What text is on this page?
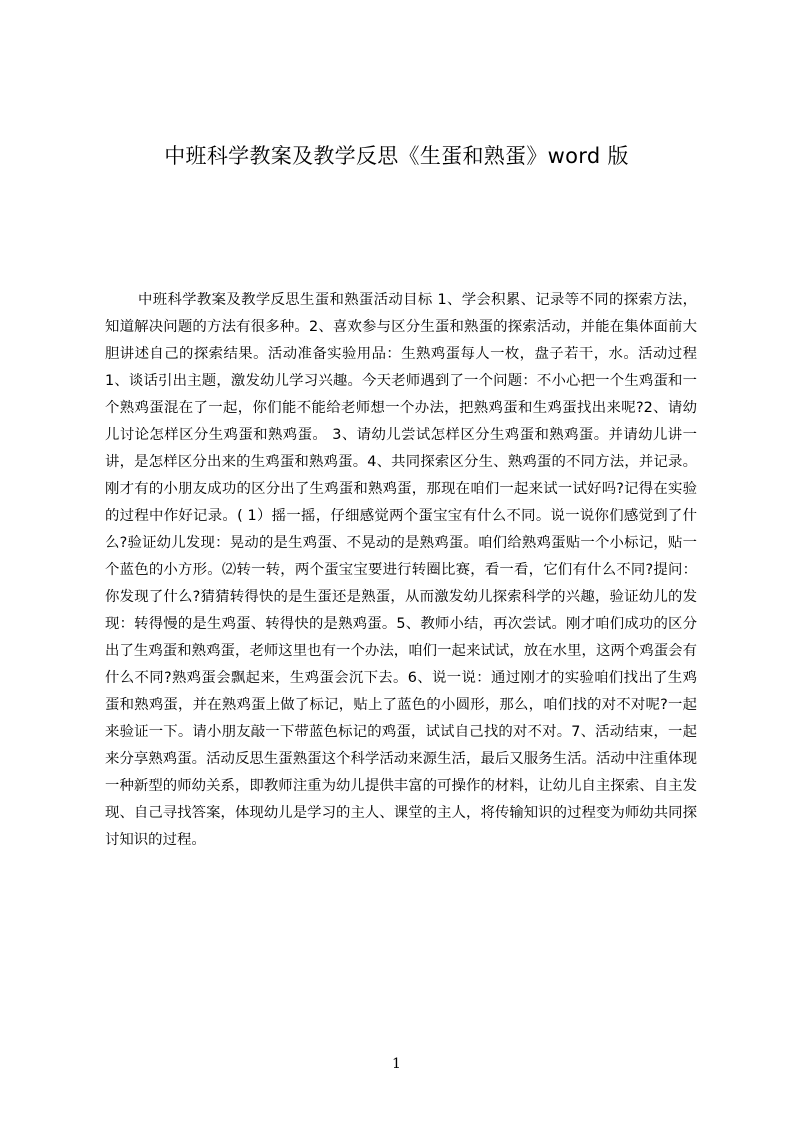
中班科学教案及教学反思《生蛋和熟蛋》word 版

中班科学教案及教学反思生蛋和熟蛋活动目标 1、学会积累、记录等不同的探索方法，知道解决问题的方法有很多种。2、喜欢参与区分生蛋和熟蛋的探索活动，并能在集体面前大胆讲述自己的探索结果。活动准备实验用品：生熟鸡蛋每人一枚，盘子若干，水。活动过程 1、谈话引出主题，激发幼儿学习兴趣。今天老师遇到了一个问题：不小心把一个生鸡蛋和一个熟鸡蛋混在了一起，你们能不能给老师想一个办法，把熟鸡蛋和生鸡蛋找出来呢?2、请幼儿讨论怎样区分生鸡蛋和熟鸡蛋。 3、请幼儿尝试怎样区分生鸡蛋和熟鸡蛋。并请幼儿讲一讲，是怎样区分出来的生鸡蛋和熟鸡蛋。4、共同探索区分生、熟鸡蛋的不同方法，并记录。刚才有的小朋友成功的区分出了生鸡蛋和熟鸡蛋，那现在咱们一起来试一试好吗?记得在实验的过程中作好记录。( 1）摇一摇，仔细感觉两个蛋宝宝有什么不同。说一说你们感觉到了什么?验证幼儿发现：晃动的是生鸡蛋、不晃动的是熟鸡蛋。咱们给熟鸡蛋贴一个小标记，贴一个蓝色的小方形。⑵转一转，两个蛋宝宝要进行转圈比赛，看一看，它们有什么不同?提问：你发现了什么?猜猜转得快的是生蛋还是熟蛋，从而激发幼儿探索科学的兴趣，验证幼儿的发现：转得慢的是生鸡蛋、转得快的是熟鸡蛋。5、教师小结，再次尝试。刚才咱们成功的区分出了生鸡蛋和熟鸡蛋，老师这里也有一个办法，咱们一起来试试，放在水里，这两个鸡蛋会有什么不同?熟鸡蛋会飘起来，生鸡蛋会沉下去。6、说一说：通过刚才的实验咱们找出了生鸡蛋和熟鸡蛋，并在熟鸡蛋上做了标记，贴上了蓝色的小圆形，那么，咱们找的对不对呢?一起来验证一下。请小朋友敲一下带蓝色标记的鸡蛋，试试自己找的对不对。7、活动结束，一起来分享熟鸡蛋。活动反思生蛋熟蛋这个科学活动来源生活，最后又服务生活。活动中注重体现一种新型的师幼关系，即教师注重为幼儿提供丰富的可操作的材料，让幼儿自主探索、自主发现、自己寻找答案，体现幼儿是学习的主人、课堂的主人，将传输知识的过程变为师幼共同探讨知识的过程。

1
